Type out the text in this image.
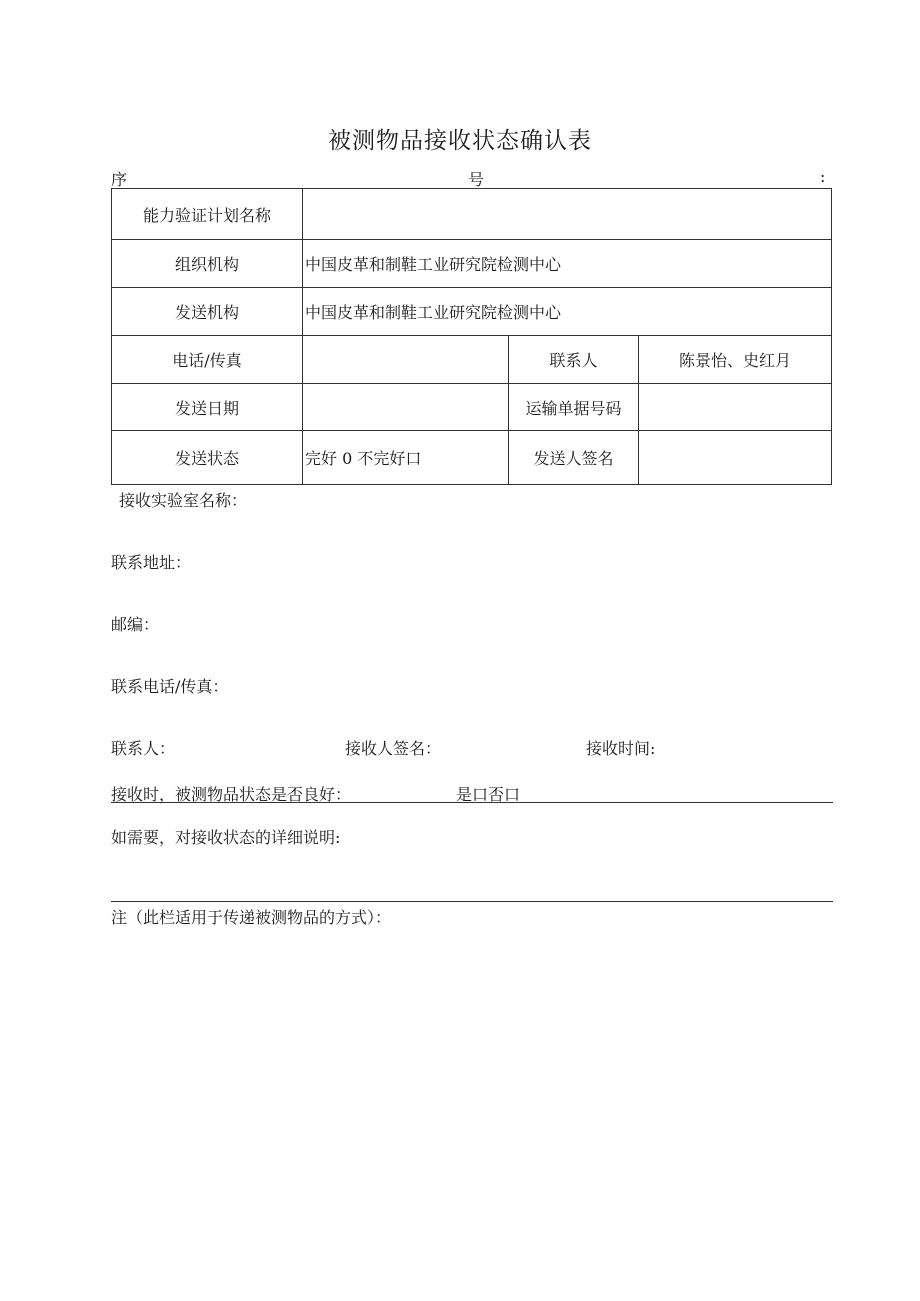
被测物品接收状态确认表
序	号	:
能力验证计划名称			
组织机构	中国皮革和制鞋工业研究院检测中心		
发送机构	中国皮革和制鞋工业研究院检测中心		
电话/传真		联系人	陈景怡、史红月
发送日期		运输单据号码	
发送状态	完好 0 不完好口	发送人签名	
接收实验室名称：
联系地址：
邮编：
联系电话/传真：
联系人：	接收人签名：	接收时间:
接收时，被测物品状态是否良好：	是口否口
如需要，对接收状态的详细说明:
注（此栏适用于传递被测物品的方式）：
